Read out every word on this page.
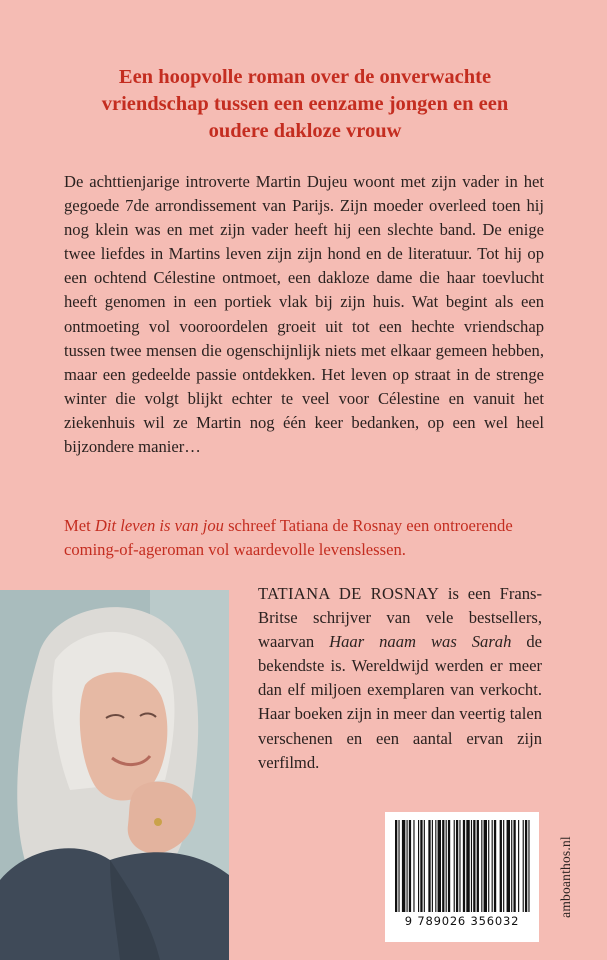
Een hoopvolle roman over de onverwachte vriendschap tussen een eenzame jongen en een oudere dakloze vrouw

De achttienjarige introverte Martin Dujeu woont met zijn vader in het gegoede 7de arrondissement van Parijs. Zijn moeder overleed toen hij nog klein was en met zijn vader heeft hij een slechte band. De enige twee liefdes in Martins leven zijn zijn hond en de literatuur. Tot hij op een ochtend Célestine ontmoet, een dakloze dame die haar toevlucht heeft genomen in een portiek vlak bij zijn huis. Wat begint als een ontmoeting vol vooroordelen groeit uit tot een hechte vriendschap tussen twee mensen die ogenschijnlijk niets met elkaar gemeen hebben, maar een gedeelde passie ontdekken. Het leven op straat in de strenge winter die volgt blijkt echter te veel voor Célestine en vanuit het ziekenhuis wil ze Martin nog één keer bedanken, op een wel heel bijzondere manier…

Met Dit leven is van jou schreef Tatiana de Rosnay een ontroerende coming-of-ageroman vol waardevolle levenslessen.

TATIANA DE ROSNAY is een Frans-Britse schrijver van vele bestsellers, waarvan Haar naam was Sarah de bekendste is. Wereldwijd werden er meer dan elf miljoen exemplaren van verkocht. Haar boeken zijn in meer dan veertig talen verschenen en een aantal ervan zijn verfilmd.

9 789026 356032
amboanthos.nl
